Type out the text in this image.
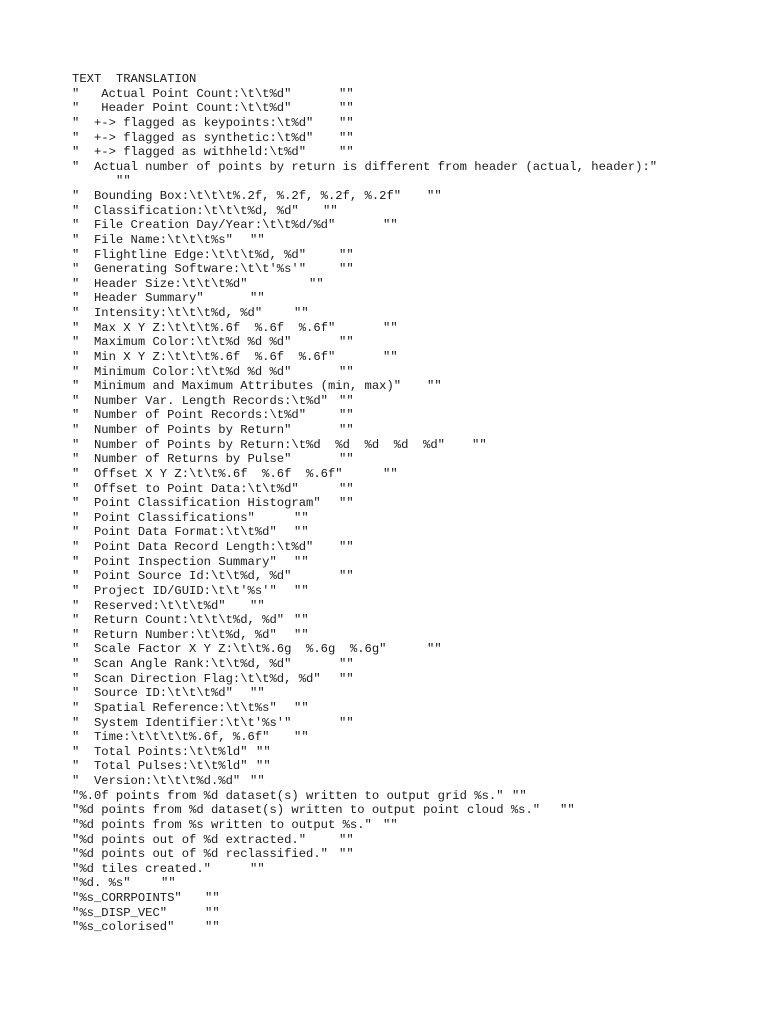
TEXT  TRANSLATION
"   Actual Point Count:\t\t%d"	""
"   Header Point Count:\t\t%d"	""
"  +-> flagged as keypoints:\t%d" ""
"  +-> flagged as synthetic:\t%d" ""
"  +-> flagged as withheld:\t%d"	""
"  Actual number of points by return is different from header (actual, header):"
""
"  Bounding Box:\t\t\t%.2f, %.2f, %.2f, %.2f" ""
"  Classification:\t\t\t%d, %d" ""
"  File Creation Day/Year:\t\t%d/%d"	""
"  File Name:\t\t\t%s" ""
"  Flightline Edge:\t\t\t%d, %d"	""
"  Generating Software:\t\t'%s'"	""
"  Header Size:\t\t\t%d"	""
"  Header Summary"	""
"  Intensity:\t\t\t%d, %d"	""
"  Max X Y Z:\t\t\t%.6f  %.6f  %.6f"	""
"  Maximum Color:\t\t%d %d %d"	""
"  Min X Y Z:\t\t\t%.6f  %.6f  %.6f"	""
"  Minimum Color:\t\t%d %d %d"	""
"  Minimum and Maximum Attributes (min, max)" ""
"  Number Var. Length Records:\t%d" ""
"  Number of Point Records:\t%d"	""
"  Number of Points by Return"	""
"  Number of Points by Return:\t%d  %d  %d  %d  %d" ""
"  Number of Returns by Pulse"	""
"  Offset X Y Z:\t\t%.6f  %.6f  %.6f"	""
"  Offset to Point Data:\t\t%d"	""
"  Point Classification Histogram" ""
"  Point Classifications"	""
"  Point Data Format:\t\t%d" ""
"  Point Data Record Length:\t%d" ""
"  Point Inspection Summary" ""
"  Point Source Id:\t\t%d, %d"	""
"  Project ID/GUID:\t\t'%s'" ""
"  Reserved:\t\t\t%d" ""
"  Return Count:\t\t\t%d, %d" ""
"  Return Number:\t\t%d, %d" ""
"  Scale Factor X Y Z:\t\t%.6g  %.6g  %.6g"	""
"  Scan Angle Rank:\t\t%d, %d"	""
"  Scan Direction Flag:\t\t%d, %d" ""
"  Source ID:\t\t\t%d" ""
"  Spatial Reference:\t\t%s" ""
"  System Identifier:\t\t'%s'"	""
"  Time:\t\t\t\t%.6f, %.6f" ""
"  Total Points:\t\t%ld" ""
"  Total Pulses:\t\t%ld" ""
"  Version:\t\t\t%d.%d" ""
"%.0f points from %d dataset(s) written to output grid %s." ""
"%d points from %d dataset(s) written to output point cloud %s." ""
"%d points from %s written to output %s." ""
"%d points out of %d extracted."	""
"%d points out of %d reclassified." ""
"%d tiles created."	""
"%d. %s" ""
"%s_CORRPOINTS" ""
"%s_DISP_VEC"	""
"%s_colorised"	""
